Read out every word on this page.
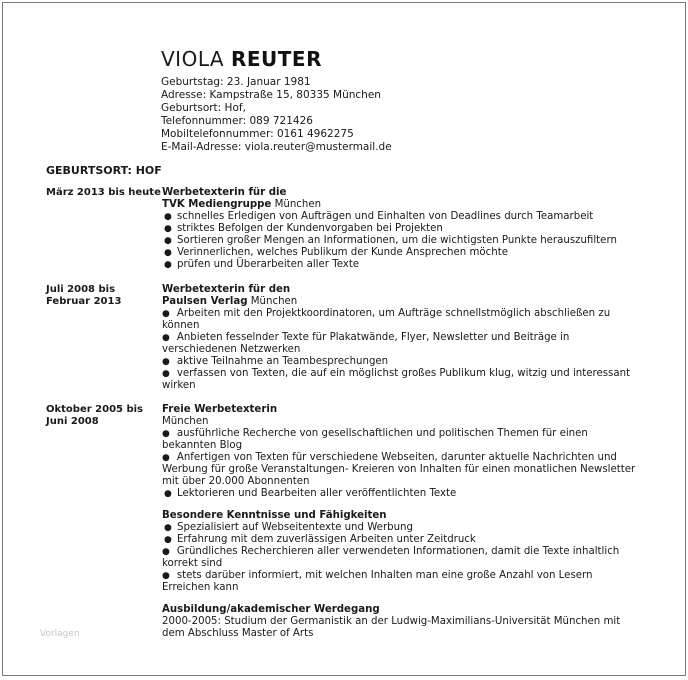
VIOLA REUTER
Geburtstag: 23. Januar 1981
Adresse: Kampstraße 15, 80335 München
Geburtsort: Hof,
Telefonnummer: 089 721426
Mobiltelefonnummer: 0161 4962275
E-Mail-Adresse: viola.reuter@mustermail.de
GEBURTSORT: HOF
März 2013 bis heute Werbetexterin für die
TVK Mediengruppe München
● schnelles Erledigen von Aufträgen und Einhalten von Deadlines durch Teamarbeit
● striktes Befolgen der Kundenvorgaben bei Projekten
● Sortieren großer Mengen an Informationen, um die wichtigsten Punkte herauszufiltern
● Verinnerlichen, welches Publikum der Kunde Ansprechen möchte
● prüfen und Überarbeiten aller Texte
Juli 2008 bis Februar 2013
Werbetexterin für den
Paulsen Verlag München
● Arbeiten mit den Projektkoordinatoren, um Aufträge schnellstmöglich abschließen zu können
● Anbieten fesselnder Texte für Plakatwände, Flyer, Newsletter und Beiträge in verschiedenen Netzwerken
● aktive Teilnahme an Teambesprechungen
● verfassen von Texten, die auf ein möglichst großes Publikum klug, witzig und interessant wirken
Oktober 2005 bis Juni 2008
Freie Werbetexterin
München
● ausführliche Recherche von gesellschaftlichen und politischen Themen für einen bekannten Blog
● Anfertigen von Texten für verschiedene Webseiten, darunter aktuelle Nachrichten und Werbung für große Veranstaltungen- Kreieren von Inhalten für einen monatlichen Newsletter mit über 20.000 Abonnenten
● Lektorieren und Bearbeiten aller veröffentlichten Texte
Besondere Kenntnisse und Fähigkeiten
● Spezialisiert auf Webseitentexte und Werbung
● Erfahrung mit dem zuverlässigen Arbeiten unter Zeitdruck
● Gründliches Recherchieren aller verwendeten Informationen, damit die Texte inhaltlich korrekt sind
● stets darüber informiert, mit welchen Inhalten man eine große Anzahl von Lesern Erreichen kann
Ausbildung/akademischer Werdegang
2000-2005: Studium der Germanistik an der Ludwig-Maximilians-Universität München mit dem Abschluss Master of Arts
Vorlagen
